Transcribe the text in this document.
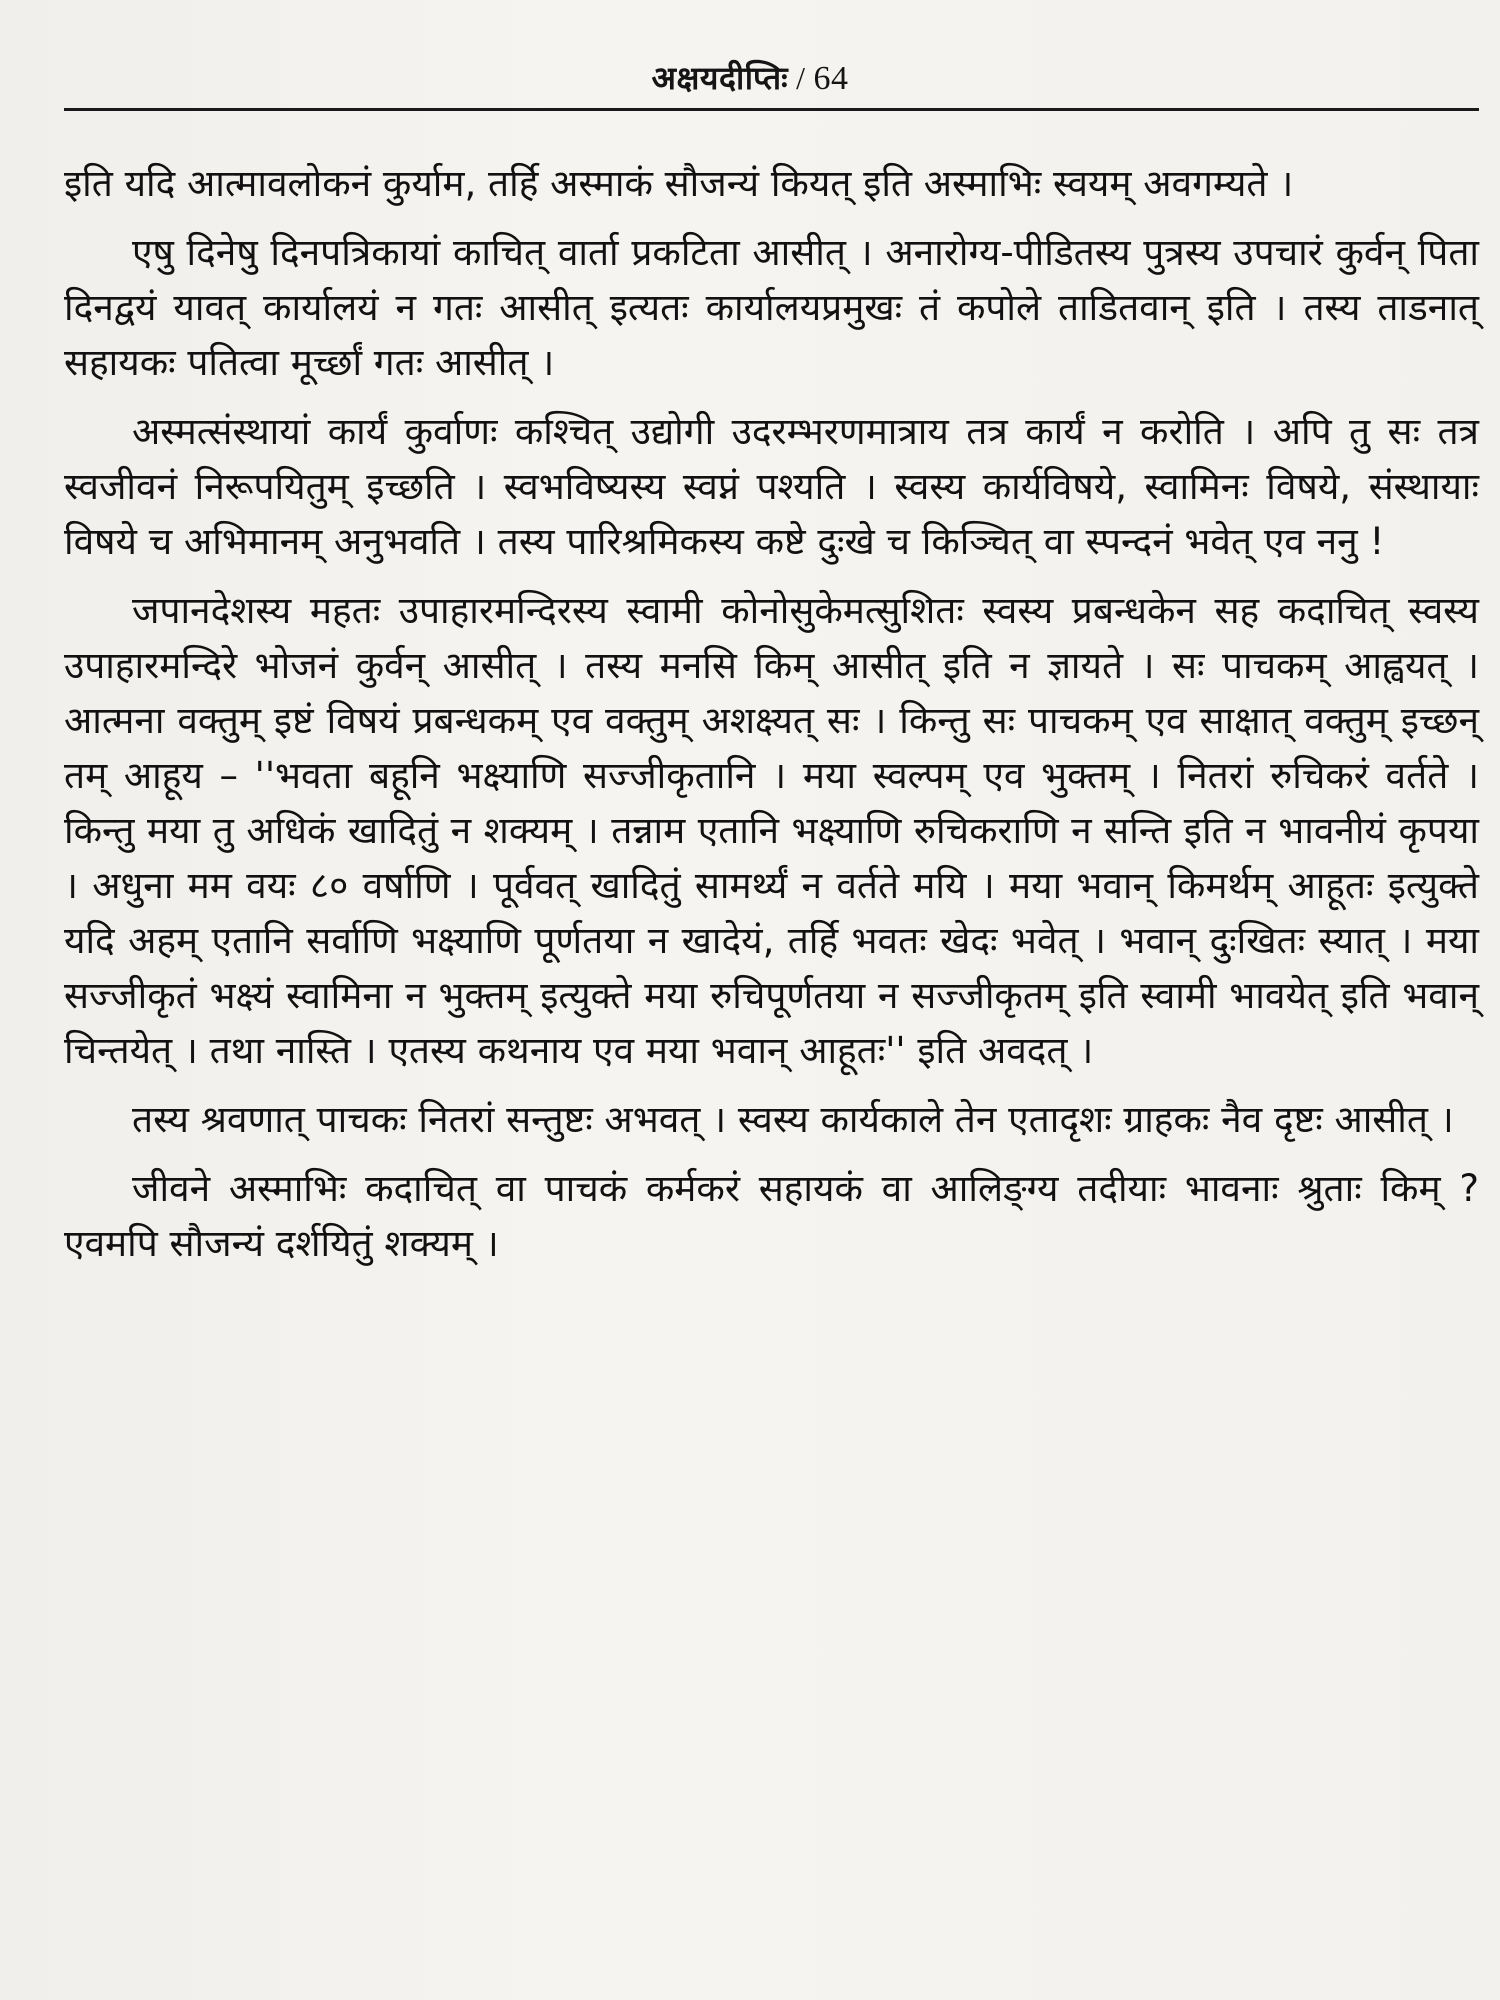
अक्षयदीप्तिः / 64

इति यदि आत्मावलोकनं कुर्याम, तर्हि अस्माकं सौजन्यं कियत् इति अस्माभिः स्वयम् अवगम्यते ।

एषु दिनेषु दिनपत्रिकायां काचित् वार्ता प्रकटिता आसीत् । अनारोग्य-पीडितस्य पुत्रस्य उपचारं कुर्वन् पिता दिनद्वयं यावत् कार्यालयं न गतः आसीत् इत्यतः कार्यालयप्रमुखः तं कपोले ताडितवान् इति । तस्य ताडनात् सहायकः पतित्वा मूर्च्छां गतः आसीत् ।

अस्मत्संस्थायां कार्यं कुर्वाणः कश्चित् उद्योगी उदरम्भरणमात्राय तत्र कार्यं न करोति । अपि तु सः तत्र स्वजीवनं निरूपयितुम् इच्छति । स्वभविष्यस्य स्वप्नं पश्यति । स्वस्य कार्यविषये, स्वामिनः विषये, संस्थायाः विषये च अभिमानम् अनुभवति । तस्य पारिश्रमिकस्य कष्टे दुःखे च किञ्चित् वा स्पन्दनं भवेत् एव ननु !

जपानदेशस्य महतः उपाहारमन्दिरस्य स्वामी कोनोसुकेमत्सुशितः स्वस्य प्रबन्धकेन सह कदाचित् स्वस्य उपाहारमन्दिरे भोजनं कुर्वन् आसीत् । तस्य मनसि किम् आसीत् इति न ज्ञायते । सः पाचकम् आह्वयत् । आत्मना वक्तुम् इष्टं विषयं प्रबन्धकम् एव वक्तुम् अशक्ष्यत् सः । किन्तु सः पाचकम् एव साक्षात् वक्तुम् इच्छन् तम् आहूय – ''भवता बहूनि भक्ष्याणि सज्जीकृतानि । मया स्वल्पम् एव भुक्तम् । नितरां रुचिकरं वर्तते । किन्तु मया तु अधिकं खादितुं न शक्यम् । तन्नाम एतानि भक्ष्याणि रुचिकराणि न सन्ति इति न भावनीयं कृपया । अधुना मम वयः ८० वर्षाणि । पूर्ववत् खादितुं सामर्थ्यं न वर्तते मयि । मया भवान् किमर्थम् आहूतः इत्युक्ते यदि अहम् एतानि सर्वाणि भक्ष्याणि पूर्णतया न खादेयं, तर्हि भवतः खेदः भवेत् । भवान् दुःखितः स्यात् । मया सज्जीकृतं भक्ष्यं स्वामिना न भुक्तम् इत्युक्ते मया रुचिपूर्णतया न सज्जीकृतम् इति स्वामी भावयेत् इति भवान् चिन्तयेत् । तथा नास्ति । एतस्य कथनाय एव मया भवान् आहूतः'' इति अवदत् ।

तस्य श्रवणात् पाचकः नितरां सन्तुष्टः अभवत् । स्वस्य कार्यकाले तेन एतादृशः ग्राहकः नैव दृष्टः आसीत् ।

जीवने अस्माभिः कदाचित् वा पाचकं कर्मकरं सहायकं वा आलिङ्ग्य तदीयाः भावनाः श्रुताः किम् ? एवमपि सौजन्यं दर्शयितुं शक्यम् ।
